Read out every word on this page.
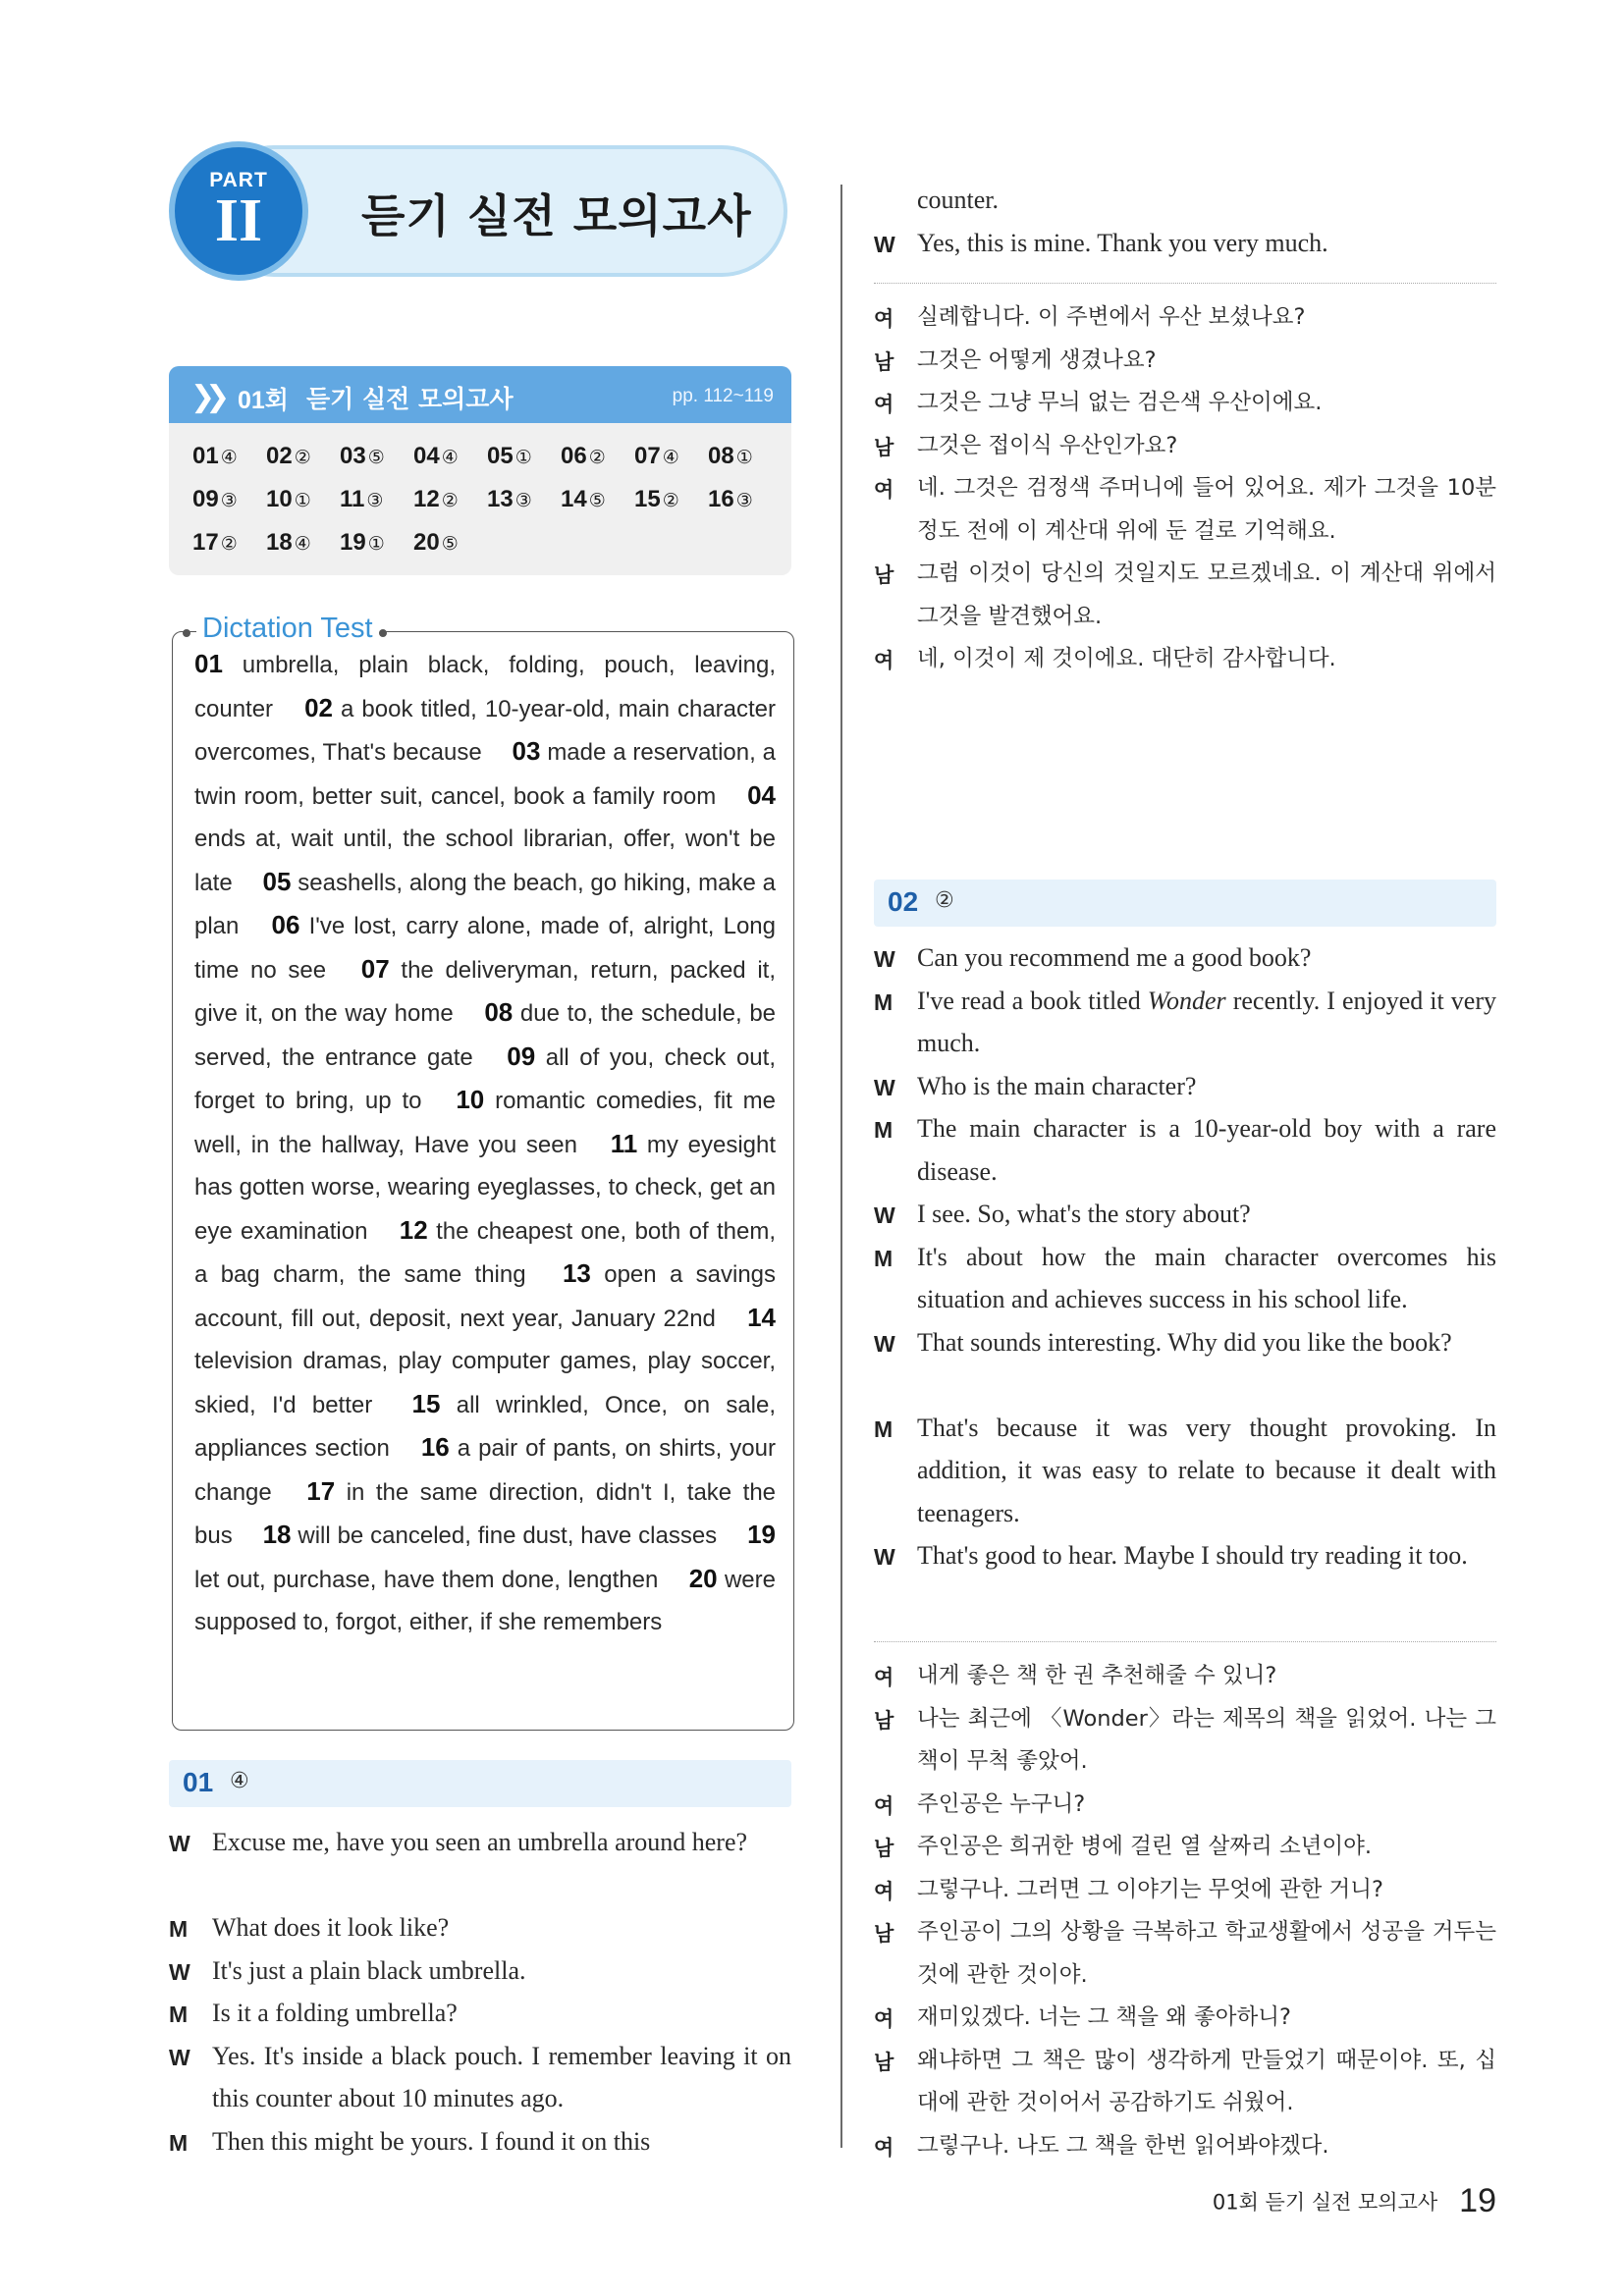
PART
II	듣기 실전 모의고사
❯❯ 01회 듣기 실전 모의고사	pp. 112~119
01 ④ 02 ② 03 ⑤ 04 ④ 05 ① 06 ② 07 ④ 08 ①
09 ③ 10 ① 11 ③ 12 ② 13 ③ 14 ⑤ 15 ② 16 ③
17 ② 18 ④ 19 ① 20 ⑤
Dictation Test
01 umbrella, plain black, folding, pouch, leaving, counter  02 a book titled, 10-year-old, main character overcomes, That's because  03 made a reservation, a twin room, better suit, cancel, book a family room  04 ends at, wait until, the school librarian, offer, won't be late  05 seashells, along the beach, go hiking, make a plan  06 I've lost, carry alone, made of, alright, Long time no see  07 the deliveryman, return, packed it, give it, on the way home  08 due to, the schedule, be served, the entrance gate  09 all of you, check out, forget to bring, up to  10 romantic comedies, fit me well, in the hallway, Have you seen  11 my eyesight has gotten worse, wearing eyeglasses, to check, get an eye examination  12 the cheapest one, both of them, a bag charm, the same thing  13 open a savings account, fill out, deposit, next year, January 22nd  14 television dramas, play computer games, play soccer, skied, I'd better  15 all wrinkled, Once, on sale, appliances section  16 a pair of pants, on shirts, your change  17 in the same direction, didn't I, take the bus  18 will be canceled, fine dust, have classes  19 let out, purchase, have them done, lengthen  20 were supposed to, forgot, either, if she remembers
01 ④
W Excuse me, have you seen an umbrella around here?
M What does it look like?
W It's just a plain black umbrella.
M Is it a folding umbrella?
W Yes. It's inside a black pouch. I remember leaving it on this counter about 10 minutes ago.
M Then this might be yours. I found it on this
counter.
W Yes, this is mine. Thank you very much.
여	실례합니다. 이 주변에서 우산 보셨나요?
남	그것은 어떻게 생겼나요?
여	그것은 그냥 무늬 없는 검은색 우산이에요.
남	그것은 접이식 우산인가요?
여	네. 그것은 검정색 주머니에 들어 있어요. 제가 그것을 10분 정도 전에 이 계산대 위에 둔 걸로 기억해요.
남	그럼 이것이 당신의 것일지도 모르겠네요. 이 계산대 위에서 그것을 발견했어요.
여	네, 이것이 제 것이에요. 대단히 감사합니다.
02 ②
W Can you recommend me a good book?
M I've read a book titled Wonder recently. I enjoyed it very much.
W Who is the main character?
M The main character is a 10-year-old boy with a rare disease.
W I see. So, what's the story about?
M It's about how the main character overcomes his situation and achieves success in his school life.
W That sounds interesting. Why did you like the book?
M That's because it was very thought provoking. In addition, it was easy to relate to because it dealt with teenagers.
W That's good to hear. Maybe I should try reading it too.
여	내게 좋은 책 한 권 추천해줄 수 있니?
남	나는 최근에 〈Wonder〉라는 제목의 책을 읽었어. 나는 그 책이 무척 좋았어.
여	주인공은 누구니?
남	주인공은 희귀한 병에 걸린 열 살짜리 소년이야.
여	그렇구나. 그러면 그 이야기는 무엇에 관한 거니?
남	주인공이 그의 상황을 극복하고 학교생활에서 성공을 거두는 것에 관한 것이야.
여	재미있겠다. 너는 그 책을 왜 좋아하니?
남	왜냐하면 그 책은 많이 생각하게 만들었기 때문이야. 또, 십대에 관한 것이어서 공감하기도 쉬웠어.
여	그렇구나. 나도 그 책을 한번 읽어봐야겠다.
01회 듣기 실전 모의고사 19
